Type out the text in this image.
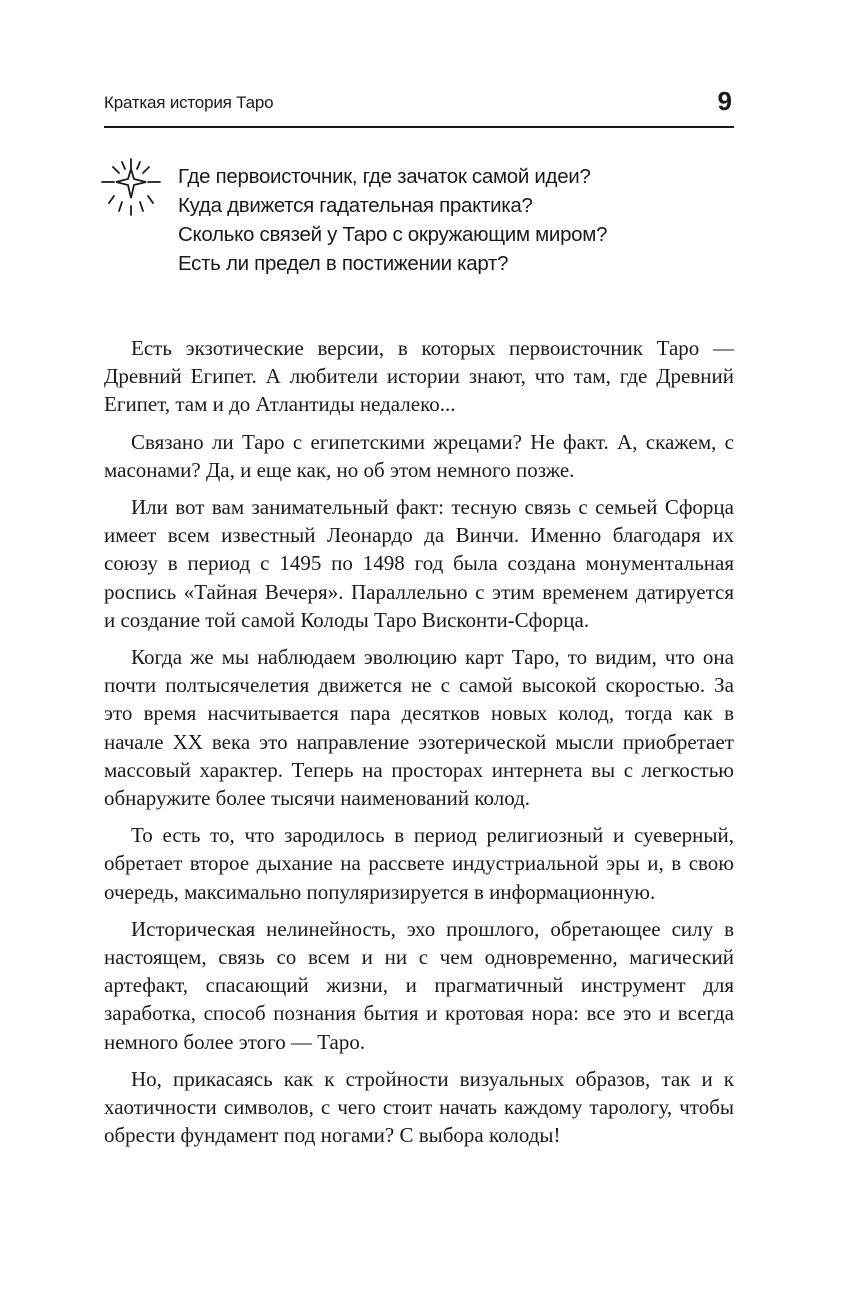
Краткая история Таро	9
Где первоисточник, где зачаток самой идеи?
Куда движется гадательная практика?
Сколько связей у Таро с окружающим миром?
Есть ли предел в постижении карт?

Есть экзотические версии, в которых первоисточник Таро — Древний Египет. А любители истории знают, что там, где Древний Египет, там и до Атлантиды недалеко...

Связано ли Таро с египетскими жрецами? Не факт. А, скажем, с масонами? Да, и еще как, но об этом немного позже.

Или вот вам занимательный факт: тесную связь с семьей Сфорца имеет всем известный Леонардо да Винчи. Именно благодаря их союзу в период с 1495 по 1498 год была создана монументальная роспись «Тайная Вечеря». Параллельно с этим временем датируется и создание той самой Колоды Таро Висконти-Сфорца.

Когда же мы наблюдаем эволюцию карт Таро, то видим, что она почти полтысячелетия движется не с самой высокой скоростью. За это время насчитывается пара десятков новых колод, тогда как в начале XX века это направление эзотерической мысли приобретает массовый характер. Теперь на просторах интернета вы с легкостью обнаружите более тысячи наименований колод.

То есть то, что зародилось в период религиозный и суеверный, обретает второе дыхание на рассвете индустриальной эры и, в свою очередь, максимально популяризируется в информационную.

Историческая нелинейность, эхо прошлого, обретающее силу в настоящем, связь со всем и ни с чем одновременно, магический артефакт, спасающий жизни, и прагматичный инструмент для заработка, способ познания бытия и кротовая нора: все это и всегда немного более этого — Таро.

Но, прикасаясь как к стройности визуальных образов, так и к хаотичности символов, с чего стоит начать каждому тарологу, чтобы обрести фундамент под ногами? С выбора колоды!
